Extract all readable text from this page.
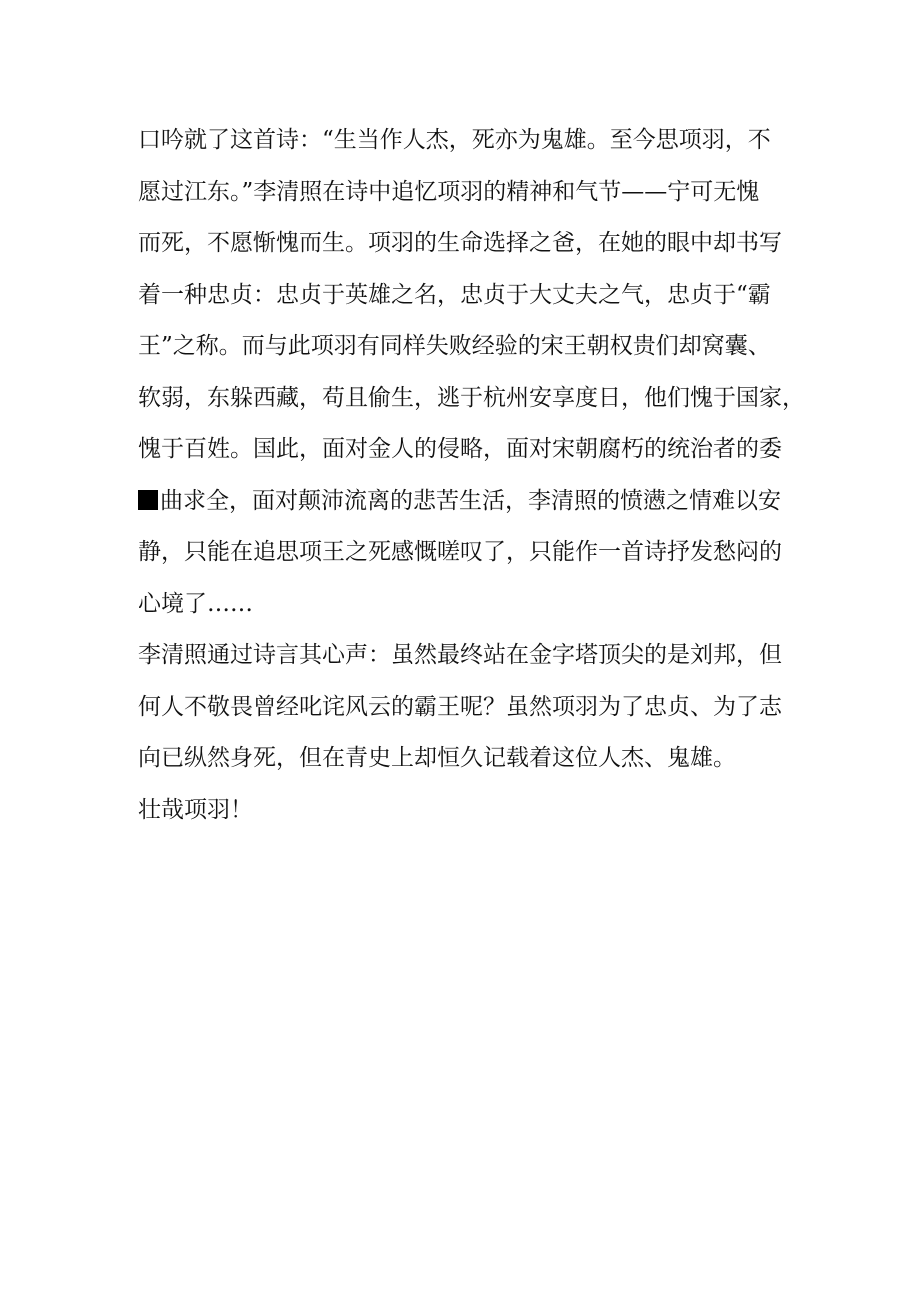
口吟就了这首诗：“生当作人杰，死亦为鬼雄。至今思项羽，不
愿过江东。”李清照在诗中追忆项羽的精神和气节——宁可无愧
而死，不愿惭愧而生。项羽的生命选择之爸，在她的眼中却书写
着一种忠贞：忠贞于英雄之名，忠贞于大丈夫之气，忠贞于“霸
王”之称。而与此项羽有同样失败经验的宋王朝权贵们却窝囊、
软弱，东躲西藏，苟且偷生，逃于杭州安享度日，他们愧于国家，
愧于百姓。国此，面对金人的侵略，面对宋朝腐朽的统治者的委
曲求全，面对颠沛流离的悲苦生活，李清照的愤懑之情难以安
静，只能在追思项王之死感慨嗟叹了，只能作一首诗抒发愁闷的
心境了……
李清照通过诗言其心声：虽然最终站在金字塔顶尖的是刘邦，但
何人不敬畏曾经叱诧风云的霸王呢？虽然项羽为了忠贞、为了志
向已纵然身死，但在青史上却恒久记载着这位人杰、鬼雄。
壮哉项羽！
